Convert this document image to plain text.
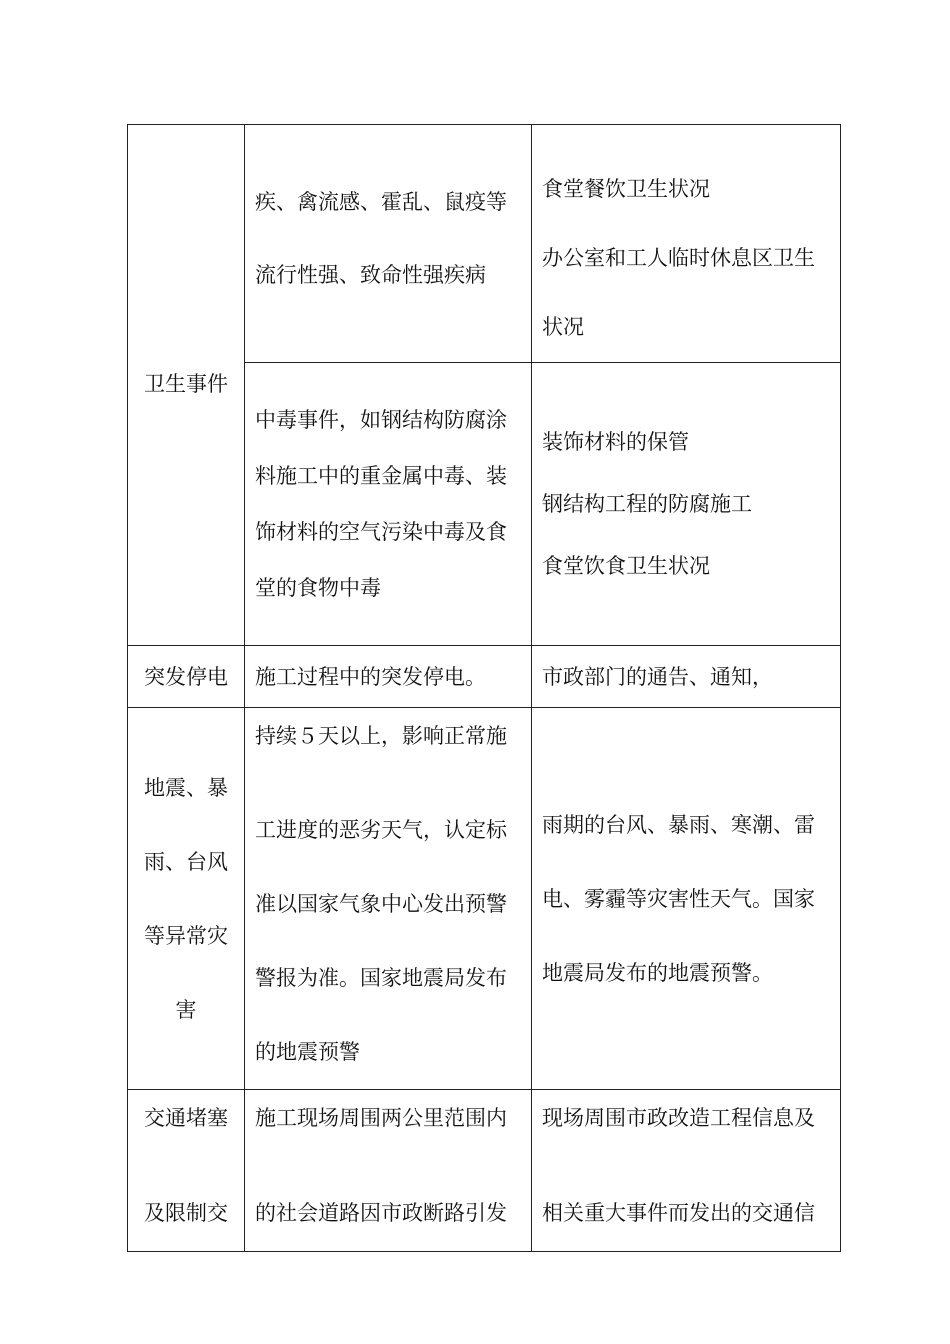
卫生事件	疾、禽流感、霍乱、鼠疫等
流行性强、致命性强疾病	食堂餐饮卫生状况
办公室和工人临时休息区卫生
状况

	中毒事件，如钢结构防腐涂
料施工中的重金属中毒、装
饰材料的空气污染中毒及食
堂的食物中毒	装饰材料的保管
钢结构工程的防腐施工
食堂饮食卫生状况

突发停电	施工过程中的突发停电。	市政部门的通告、通知，

地震、暴
雨、台风
等异常灾
害	持续５天以上，影响正常施
工进度的恶劣天气，认定标
准以国家气象中心发出预警
警报为准。国家地震局发布
的地震预警	雨期的台风、暴雨、寒潮、雷
电、雾霾等灾害性天气。国家
地震局发布的地震预警。

交通堵塞
及限制交	施工现场周围两公里范围内
的社会道路因市政断路引发	现场周围市政改造工程信息及
相关重大事件而发出的交通信
